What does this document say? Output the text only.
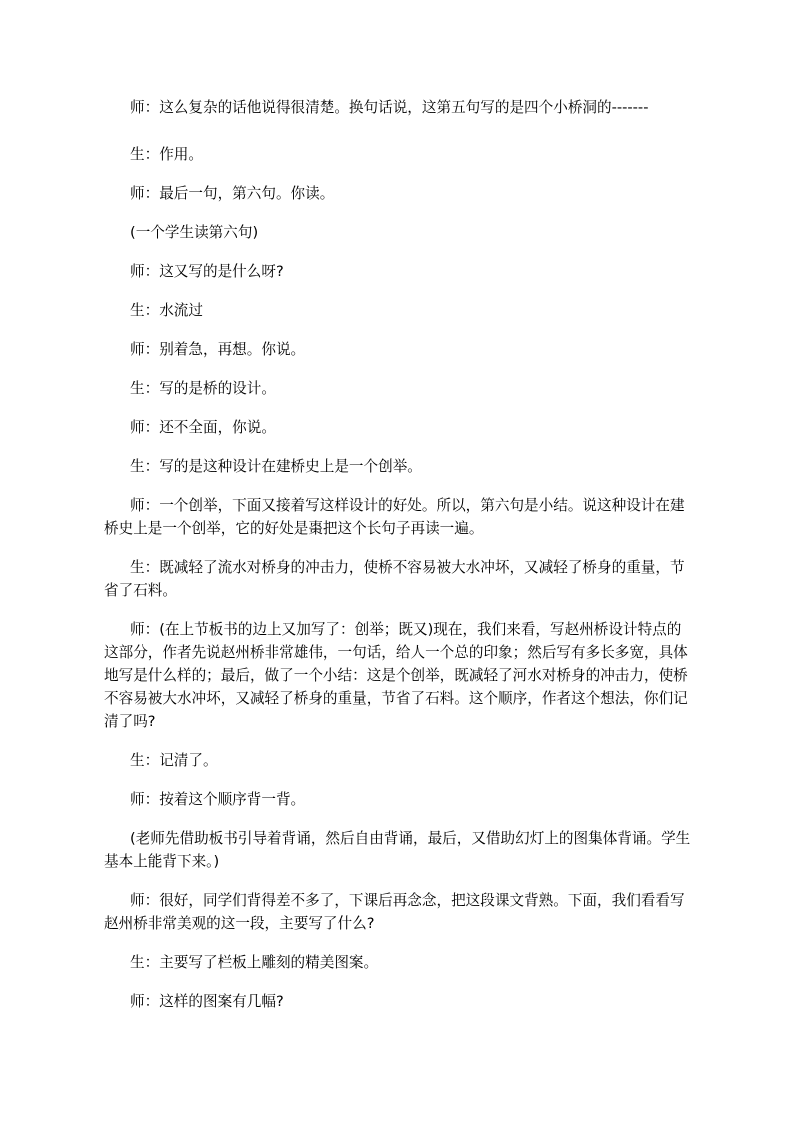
师：这么复杂的话他说得很清楚。换句话说，这第五句写的是四个小桥洞的-------

生：作用。

师：最后一句，第六句。你读。

(一个学生读第六句)

师：这又写的是什么呀?

生：水流过

师：别着急，再想。你说。

生：写的是桥的设计。

师：还不全面，你说。

生：写的是这种设计在建桥史上是一个创举。

师：一个创举，下面又接着写这样设计的好处。所以，第六句是小结。说这种设计在建桥史上是一个创举，它的好处是棗把这个长句子再读一遍。

生：既减轻了流水对桥身的冲击力，使桥不容易被大水冲坏，又减轻了桥身的重量，节省了石料。

师：(在上节板书的边上又加写了：创举；既又)现在，我们来看，写赵州桥设计特点的这部分，作者先说赵州桥非常雄伟，一句话，给人一个总的印象；然后写有多长多宽，具体地写是什么样的；最后，做了一个小结：这是个创举，既减轻了河水对桥身的冲击力，使桥不容易被大水冲坏，又减轻了桥身的重量，节省了石料。这个顺序，作者这个想法，你们记清了吗?

生：记清了。

师：按着这个顺序背一背。

(老师先借助板书引导着背诵，然后自由背诵，最后，又借助幻灯上的图集体背诵。学生基本上能背下来。)

师：很好，同学们背得差不多了，下课后再念念，把这段课文背熟。下面，我们看看写赵州桥非常美观的这一段，主要写了什么?

生：主要写了栏板上雕刻的精美图案。

师：这样的图案有几幅?
